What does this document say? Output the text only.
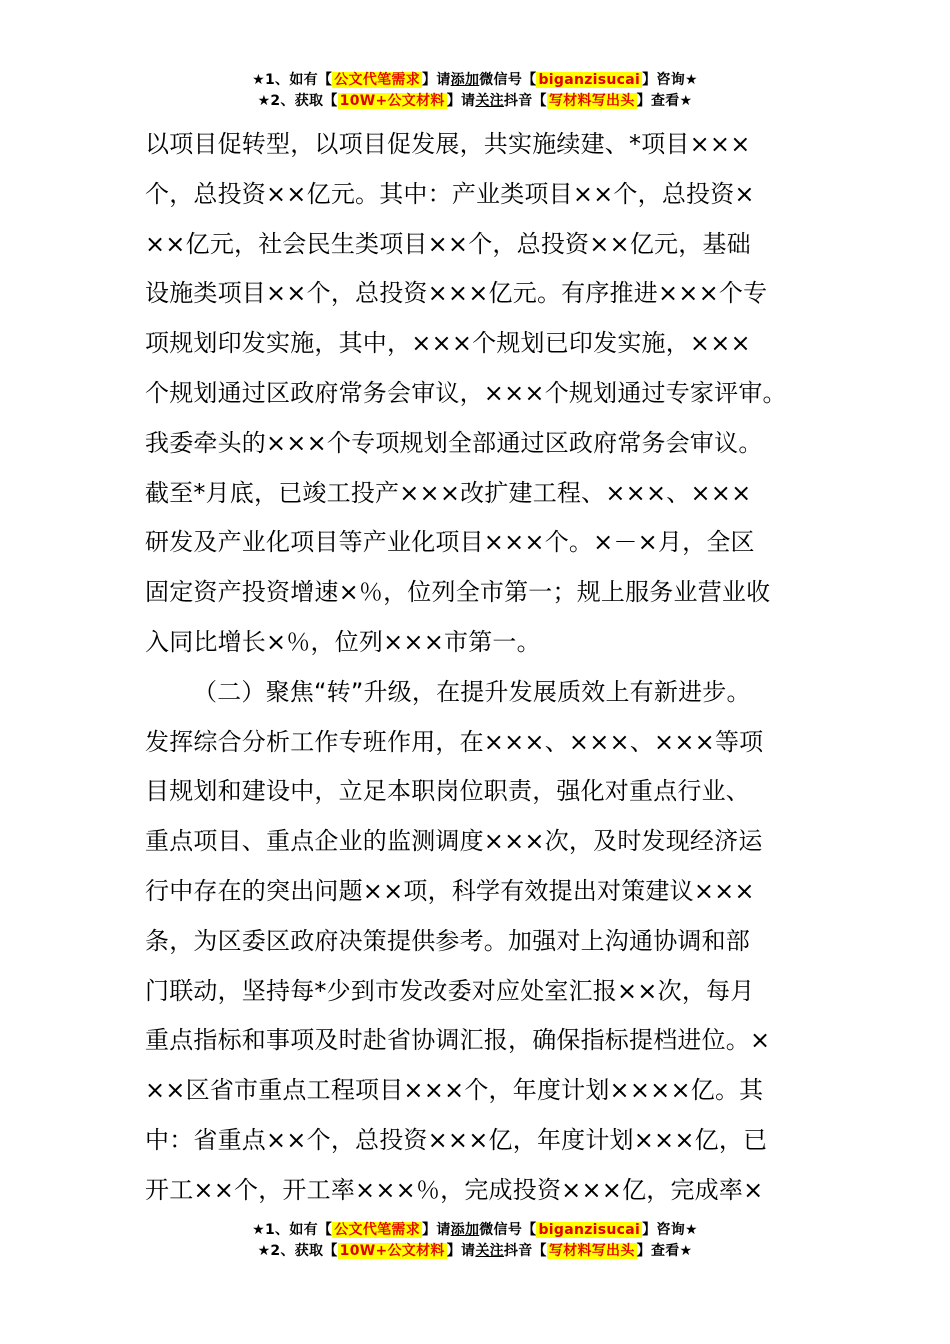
★1、如有【 公文代笔需求 】请添加微信号【 biganzisucai 】咨询★
★2、获取【 10W+公文材料 】请关注抖音【 写材料写出头 】查看★

以项目促转型，以项目促发展，共实施续建、*项目×××
个，总投资××亿元。其中：产业类项目××个，总投资×
××亿元，社会民生类项目××个，总投资××亿元，基础
设施类项目××个，总投资×××亿元。有序推进×××个专
项规划印发实施，其中，×××个规划已印发实施，×××
个规划通过区政府常务会审议，×××个规划通过专家评审。
我委牵头的×××个专项规划全部通过区政府常务会审议。
截至*月底，已竣工投产×××改扩建工程、×××、×××
研发及产业化项目等产业化项目×××个。×－×月，全区
固定资产投资增速×％，位列全市第一；规上服务业营业收
入同比增长×％，位列×××市第一。

（二）聚焦“转”升级，在提升发展质效上有新进步。
发挥综合分析工作专班作用，在×××、×××、×××等项
目规划和建设中，立足本职岗位职责，强化对重点行业、
重点项目、重点企业的监测调度×××次，及时发现经济运
行中存在的突出问题××项，科学有效提出对策建议×××
条，为区委区政府决策提供参考。加强对上沟通协调和部
门联动，坚持每*少到市发改委对应处室汇报××次，每月
重点指标和事项及时赴省协调汇报，确保指标提档进位。×
××区省市重点工程项目×××个，年度计划××××亿。其
中：省重点××个，总投资×××亿，年度计划×××亿，已
开工××个，开工率×××％，完成投资×××亿，完成率×

★1、如有【 公文代笔需求 】请添加微信号【 biganzisucai 】咨询★
★2、获取【 10W+公文材料 】请关注抖音【 写材料写出头 】查看★
